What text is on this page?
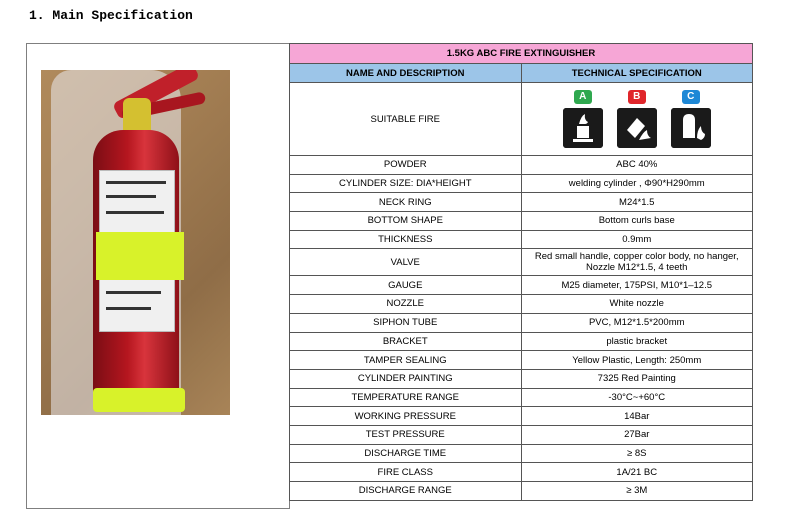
1. Main Specification
1.5KG ABC FIRE EXTINGUISHER	
NAME AND DESCRIPTION	TECHNICAL SPECIFICATION
SUITABLE FIRE	A B C

POWDER	ABC 40%
CYLINDER SIZE: DIA*HEIGHT	welding cylinder , Φ90*H290mm
NECK RING	M24*1.5
BOTTOM SHAPE	Bottom curls base
THICKNESS	0.9mm
VALVE	Red small handle, copper color body, no hanger,
Nozzle M12*1.5, 4 teeth

GAUGE	M25 diameter, 175PSI, M10*1–12.5
NOZZLE	White nozzle
SIPHON TUBE	PVC, M12*1.5*200mm
BRACKET	plastic bracket
TAMPER SEALING	Yellow Plastic, Length: 250mm
CYLINDER PAINTING	7325 Red Painting
TEMPERATURE RANGE	-30°C~+60°C
WORKING PRESSURE	14Bar
TEST PRESSURE	27Bar
DISCHARGE TIME	≥ 8S
FIRE CLASS	1A/21 BC
DISCHARGE RANGE	≥ 3M
